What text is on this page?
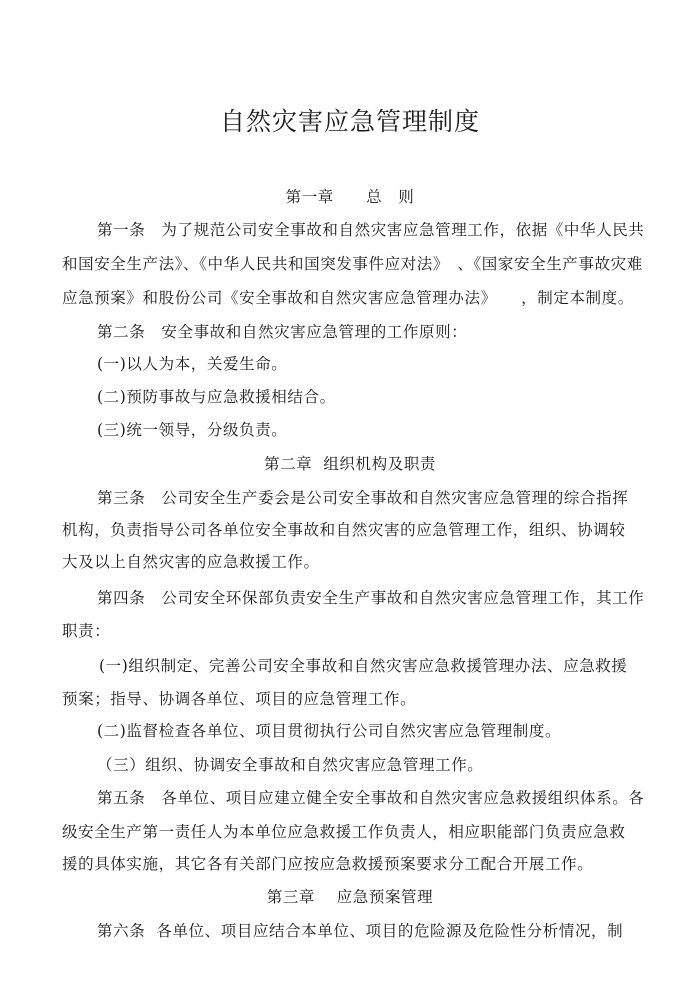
自然灾害应急管理制度
第一章　　总　则
第一条　为了规范公司安全事故和自然灾害应急管理工作，依据《中华人民共
和国安全生产法》、《中华人民共和国突发事件应对法》　、《国家安全生产事故灾难
应急预案》和股份公司《安全事故和自然灾害应急管理办法》　　，制定本制度。
第二条　安全事故和自然灾害应急管理的工作原则：
(一)以人为本，关爱生命。
(二)预防事故与应急救援相结合。
(三)统一领导，分级负责。
第二章  组织机构及职责
第三条　公司安全生产委会是公司安全事故和自然灾害应急管理的综合指挥
机构，负责指导公司各单位安全事故和自然灾害的应急管理工作，组织、协调较
大及以上自然灾害的应急救援工作。
第四条　公司安全环保部负责安全生产事故和自然灾害应急管理工作，其工作
职责：
(一)组织制定、完善公司安全事故和自然灾害应急救援管理办法、应急救援
预案；指导、协调各单位、项目的应急管理工作。
(二)监督检查各单位、项目贯彻执行公司自然灾害应急管理制度。
（三）组织、协调安全事故和自然灾害应急管理工作。
第五条　各单位、项目应建立健全安全事故和自然灾害应急救援组织体系。各
级安全生产第一责任人为本单位应急救援工作负责人，相应职能部门负责应急救
援的具体实施，其它各有关部门应按应急救援预案要求分工配合开展工作。
第三章　 应急预案管理
第六条  各单位、项目应结合本单位、项目的危险源及危险性分析情况，制
